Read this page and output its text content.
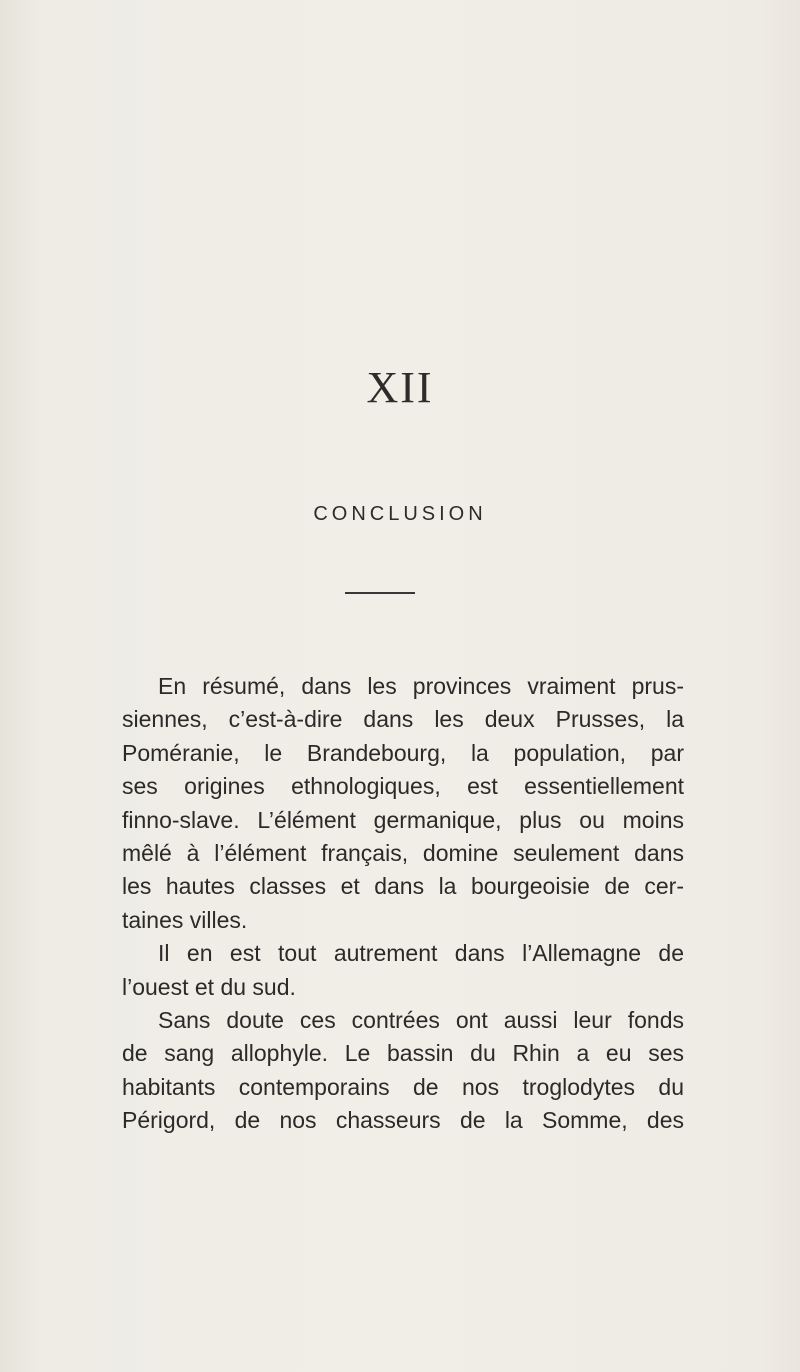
XII
CONCLUSION
En résumé, dans les provinces vraiment prus-
siennes, c’est-à-dire dans les deux Prusses, la
Poméranie, le Brandebourg, la population, par
ses origines ethnologiques, est essentiellement
finno-slave. L’élément germanique, plus ou moins
mêlé à l’élément français, domine seulement dans
les hautes classes et dans la bourgeoisie de cer-
taines villes.
Il en est tout autrement dans l’Allemagne de
l’ouest et du sud.
Sans doute ces contrées ont aussi leur fonds
de sang allophyle. Le bassin du Rhin a eu ses
habitants contemporains de nos troglodytes du
Périgord, de nos chasseurs de la Somme, des
